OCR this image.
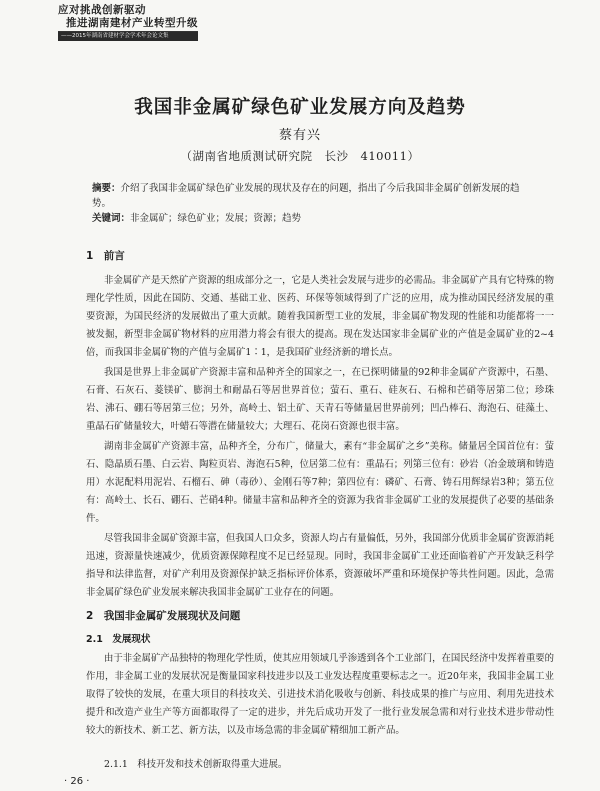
应对挑战创新驱动
推进湖南建材产业转型升级
——2015年湖南省建材学会学术年会论文集
我国非金属矿绿色矿业发展方向及趋势
蔡有兴
（湖南省地质测试研究院　长沙　410011）
摘要：介绍了我国非金属矿绿色矿业发展的现状及存在的问题，指出了今后我国非金属矿创新发展的趋势。
关键词：非金属矿；绿色矿业；发展；资源；趋势
1　前言
非金属矿产是天然矿产资源的组成部分之一，它是人类社会发展与进步的必需品。非金属矿产具有它特殊的物理化学性质，因此在国防、交通、基础工业、医药、环保等领域得到了广泛的应用，成为推动国民经济发展的重要资源，为国民经济的发展做出了重大贡献。随着我国新型工业的发展，非金属矿物发现的性能和功能都将一一被发掘，新型非金属矿物材料的应用潜力将会有很大的提高。现在发达国家非金属矿业的产值是金属矿业的2~4倍，而我国非金属矿物的产值与金属矿1∶1，是我国矿业经济新的增长点。
我国是世界上非金属矿产资源丰富和品种齐全的国家之一，在已探明储量的92种非金属矿产资源中，石墨、石膏、石灰石、菱镁矿、膨润土和耐晶石等居世界首位；萤石、重石、硅灰石、石棉和芒硝等居第二位；珍珠岩、沸石、硼石等居第三位；另外，高岭土、铝土矿、天青石等储量居世界前列；凹凸棒石、海泡石、硅藻土、重晶石矿储量较大，叶蜡石等潜在储量较大；大理石、花岗石资源也很丰富。
湖南非金属矿产资源丰富，品种齐全，分布广，储量大，素有“非金属矿之乡”美称。储量居全国首位有：萤石、隐晶质石墨、白云岩、陶粒页岩、海泡石5种，位居第二位有：重晶石；列第三位有：砂岩（冶金玻璃和铸造用）水泥配料用泥岩、石榴石、砷（毒砂）、金刚石等7种；第四位有：磷矿、石膏、铸石用辉绿岩3种；第五位有：高岭土、长石、硼石、芒硝4种。储量丰富和品种齐全的资源为我省非金属矿工业的发展提供了必要的基础条件。
尽管我国非金属矿资源丰富，但我国人口众多，资源人均占有量偏低，另外，我国部分优质非金属矿资源消耗迅速，资源量快速减少，优质资源保障程度不足已经显现。同时，我国非金属矿工业还面临着矿产开发缺乏科学指导和法律监督，对矿产利用及资源保护缺乏指标评价体系，资源破坏严重和环境保护等共性问题。因此，急需非金属矿绿色矿业发展来解决我国非金属矿工业存在的问题。
2　我国非金属矿发展现状及问题
2.1　发展现状
由于非金属矿产品独特的物理化学性质，使其应用领域几乎渗透到各个工业部门，在国民经济中发挥着重要的作用，非金属工业的发展状况是衡量国家科技进步以及工业发达程度重要标志之一。近20年来，我国非金属工业取得了较快的发展，在重大项目的科技攻关、引进技术消化吸收与创新、科技成果的推广与应用、利用先进技术提升和改造产业生产等方面都取得了一定的进步，并先后成功开发了一批行业发展急需和对行业技术进步带动性较大的新技术、新工艺、新方法，以及市场急需的非金属矿精细加工新产品。
2.1.1　科技开发和技术创新取得重大进展。
· 26 ·
